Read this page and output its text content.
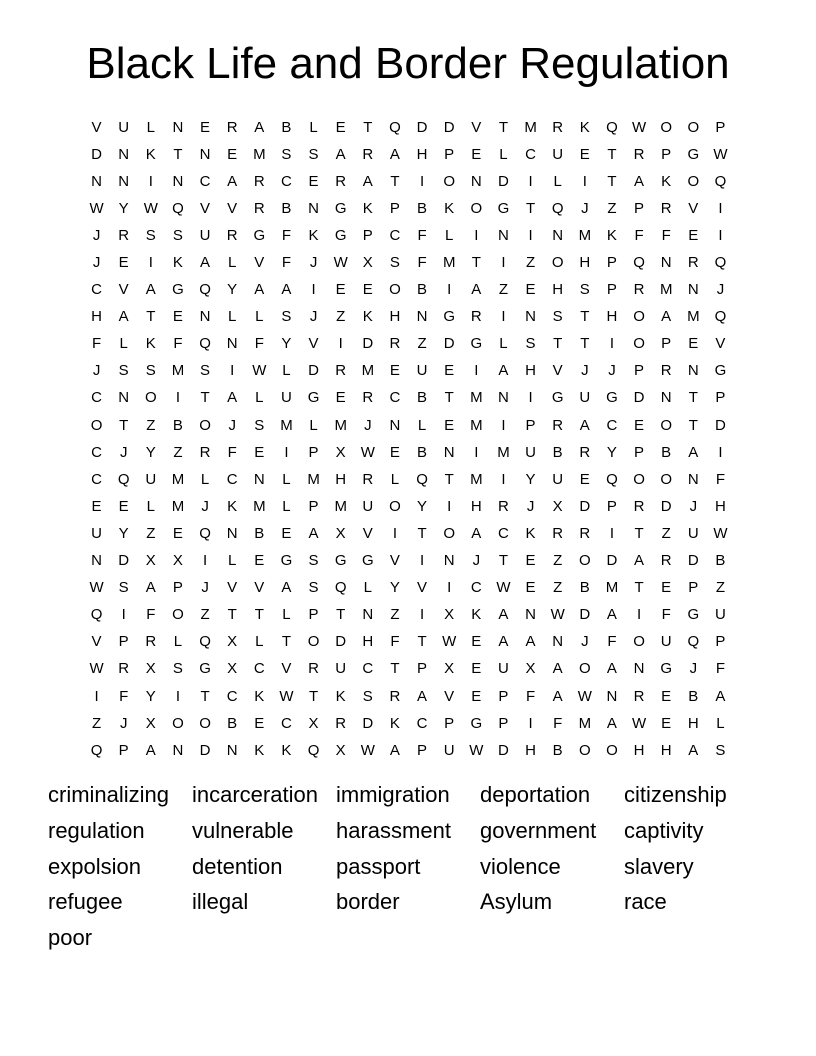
Black Life and Border Regulation
V	U	L	N	E	R	A	B	L	E	T	Q	D	D	V	T	M	R	K	Q W O	O	P
D	N	K	T	N	E	M	S	S	A	R	A	H	P	E	L	C	U	E	T	R	P	G W
N	N	I	N	C	A	R	C	E	R	A	T	I	O	N	D	I	L	I	T	A	K	O	Q
W	Y	W Q	V	V	R	B	N	G	K	P	B	K	O	G	T	Q	J	Z	P	R	V	I
J	R	S	S	U	R	G	F	K	G	P	C	F	L	I	N	I	N	M	K	F	F	E	I
J	E	I	K	A	L	V	F	J	W	X	S	F	M	T	I	Z	O	H	P	Q	N	R	Q
C	V	A	G	Q	Y	A	A	I	E	E	O	B	I	A	Z	E	H	S	P	R	M	N	J
H	A	T	E	N	L	L	S	J	Z	K	H	N	G	R	I	N	S	T	H	O	A	M	Q
F	L	K	F	Q	N	F	Y	V	I	D	R	Z	D	G	L	S	T	T	I	O	P	E	V
J	S	S	M	S	I	W	L	D	R	M	E	U	E	I	A	H	V	J	J	P	R	N	G
C	N	O	I	T	A	L	U	G	E	R	C	B	T	M	N	I	G	U	G	D	N	T	P
O	T	Z	B	O	J	S	M	L	M	J	N	L	E	M	I	P	R	A	C	E	O	T	D
C	J	Y	Z	R	F	E	I	P	X	W	E	B	N	I	M	U	B	R	Y	P	B	A	I
C	Q	U	M	L	C	N	L	M	H	R	L	Q	T	M	I	Y	U	E	Q	O	O	N	F
E	E	L	M	J	K	M	L	P	M	U	O	Y	I	H	R	J	X	D	P	R	D	J	H
U	Y	Z	E	Q	N	B	E	A	X	V	I	T	O	A	C	K	R	R	I	T	Z	U W
N	D	X	X	I	L	E	G	S	G	G	V	I	N	J	T	E	Z	O	D	A	R	D	B
W	S	A	P	J	V	V	A	S	Q	L	Y	V	I	C W	E	Z	B	M	T	E	P	Z
Q	I	F	O	Z	T	T	L	P	T	N	Z	I	X	K	A	N W D	A	I	F	G	U
V	P	R	L	Q	X	L	T	O	D	H	F	T	W	E	A	A	N	J	F	O	U	Q	P
W R	X	S	G	X	C	V	R	U	C	T	P	X	E	U	X	A	O	A	N	G	J	F
I	F	Y	I	T	C	K	W	T	K	S	R	A	V	E	P	F	A	W N	R	E	B	A
Z	J	X	O	O	B	E	C	X	R	D	K	C	P	G	P	I	F	M	A	W	E	H	L
Q	P	A	N	D	N	K	K	Q	X	W	A	P	U W D	H	B	O	O	H	H	A	S
criminalizing	incarceration immigration	deportation	citizenship
regulation	vulnerable	harassment	government	captivity
expolsion	detention	passport	violence	slavery
refugee	illegal	border	Asylum	race
poor
